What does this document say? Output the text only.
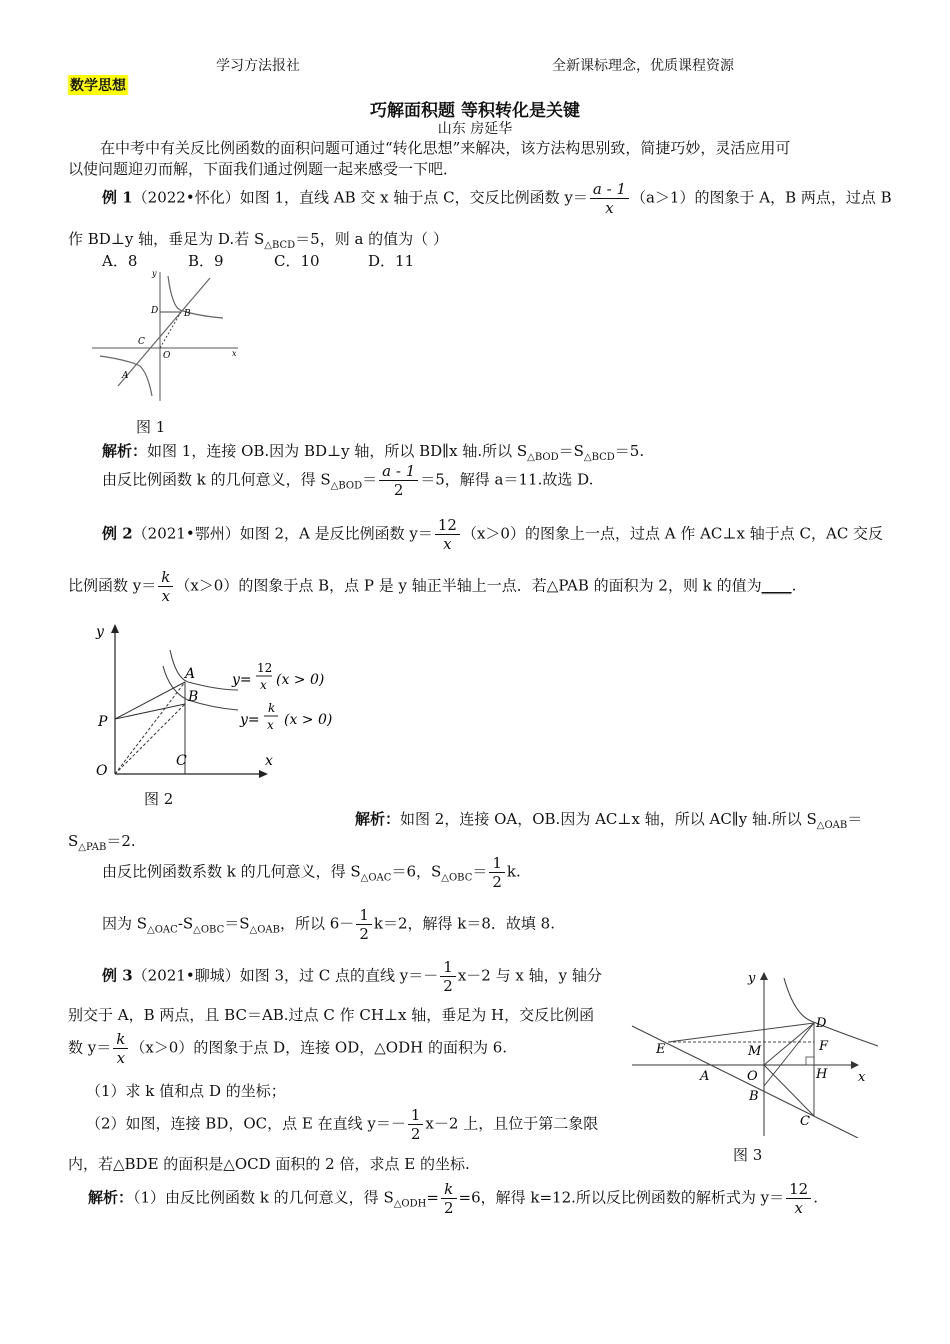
学习方法报社	全新课标理念，优质课程资源
数学思想
巧解面积题 等积转化是关键
山东 房延华
在中考中有关反比例函数的面积问题可通过“转化思想”来解决，该方法构思别致，简捷巧妙，灵活应用可
以使问题迎刃而解，下面我们通过例题一起来感受一下吧．
例 1（2022•怀化）如图 1，直线 AB 交 x 轴于点 C，交反比例函数 $y= \frac{a - 1}{x} (a>1)$的图象于 A，B 两点，过点 B
作 BD⊥y 轴，垂足为 D.若 $S_{\triangle BCD}=5$，则 a 的值为（ ）
A．8	B．9	C．10	D．11
D	B
C
O
A
x
y
图 1
解析：如图 1，连接 OB.因为 BD⊥y 轴，所以 BD∥x 轴.所以 $S_{\triangle BOD}=S_{\triangle BCD}=5$.
由反比例函数 k 的几何意义，得 $S_{\triangle BOD}= \frac{a - 1}{2} =5$，解得 a＝11.故选 D.
例 2（2021•鄂州）如图 2，A 是反比例函数 $y= \frac{12}{x} (x>0)$的图象上一点，过点 A 作 AC⊥x 轴于点 C，AC 交反
比例函数 $y= \frac{k}{x} (x>0)$的图象于点 B，点 P 是 y 轴正半轴上一点．若△PAB 的面积为 2，则 k 的值为____.
y
A
B
P
O
C	x
y=
12
x (x > 0)
y=
k
x (x > 0)
图 2
解析：如图 2，连接 OA，OB.因为 AC⊥x 轴，所以 AC∥y 轴.所以 $S_{\triangle OAB}=$
$S_{\triangle PAB}=2$.
由反比例函数系数 k 的几何意义，得 $S_{\triangle OAC}=6$，$S_{\triangle OBC}= \frac{1}{2} k$.
因为 $S_{\triangle OAC}-S_{\triangle OBC}=S_{\triangle OAB}$，所以 $6- \frac{1}{2} k=2$，解得 k＝8．故填 8.
例 3（2021•聊城）如图 3，过 C 点的直线 $y=- \frac{1}{2} x-2$ 与 x 轴，y 轴分
别交于 A，B 两点，且 BC＝AB.过点 C 作 CH⊥x 轴，垂足为 H，交反比例函
数 $y= \frac{k}{x} (x>0)$的图象于点 D，连接 OD，△ODH 的面积为 6.
（1）求 k 值和点 D 的坐标；
（2）如图，连接 BD，OC，点 E 在直线 $y=- \frac{1}{2} x-2$ 上，且位于第二象限
内，若△BDE 的面积是△OCD 面积的 2 倍，求点 E 的坐标.
y
D
E	M	F
A	O	H x
B
C
图 3
解析：（1）由反比例函数 k 的几何意义，得 $S_{\triangle ODH}= \frac{k}{2} =6$，解得 k=12.所以反比例函数的解析式为 $y= \frac{12}{x}$ .
